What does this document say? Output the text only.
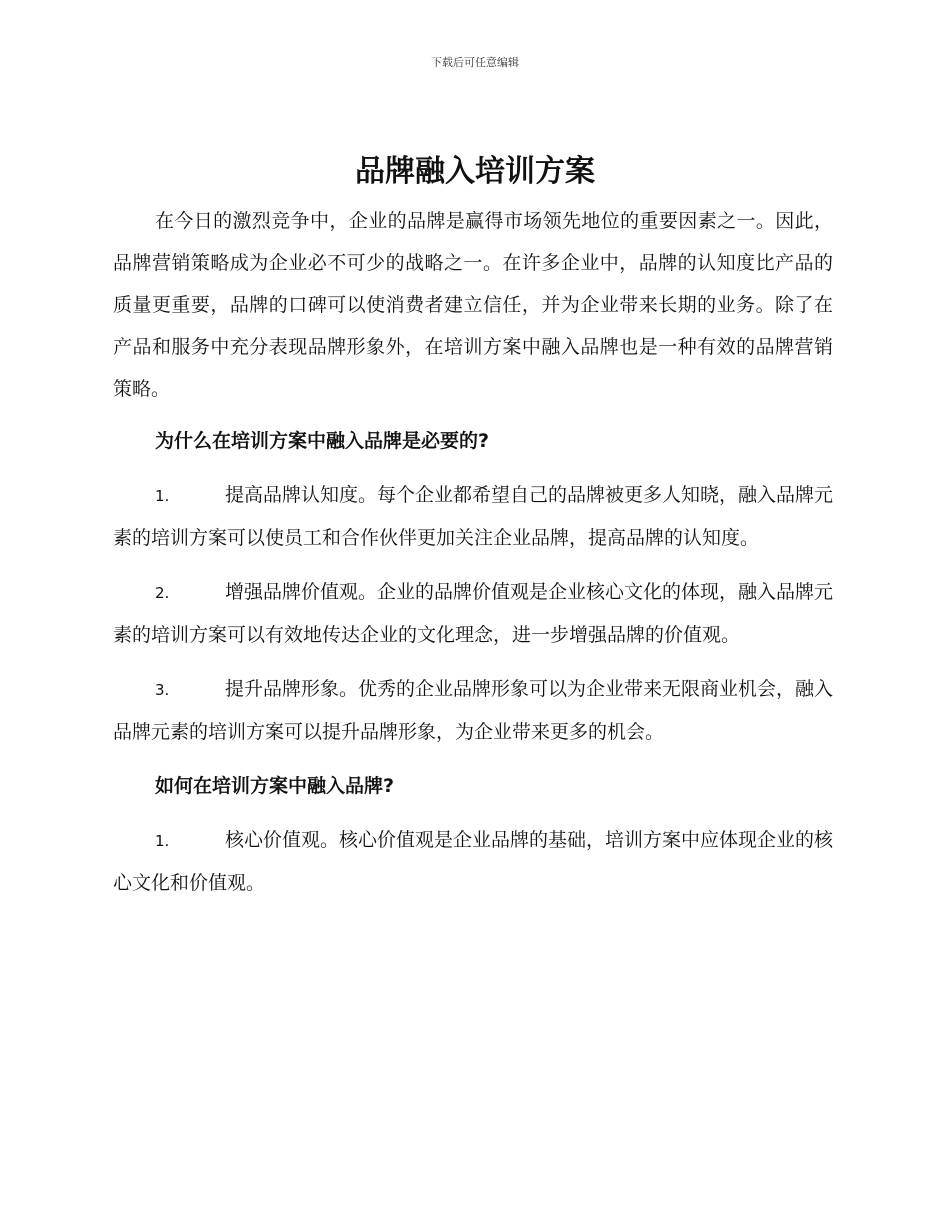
下载后可任意编辑
品牌融入培训方案

在今日的激烈竞争中，企业的品牌是赢得市场领先地位的重要因素之一。因此，品牌营销策略成为企业必不可少的战略之一。在许多企业中，品牌的认知度比产品的质量更重要，品牌的口碑可以使消费者建立信任，并为企业带来长期的业务。除了在产品和服务中充分表现品牌形象外，在培训方案中融入品牌也是一种有效的品牌营销策略。

为什么在培训方案中融入品牌是必要的?

1.	提高品牌认知度。每个企业都希望自己的品牌被更多人知晓，融入品牌元素的培训方案可以使员工和合作伙伴更加关注企业品牌，提高品牌的认知度。

2.	增强品牌价值观。企业的品牌价值观是企业核心文化的体现，融入品牌元素的培训方案可以有效地传达企业的文化理念，进一步增强品牌的价值观。

3.	提升品牌形象。优秀的企业品牌形象可以为企业带来无限商业机会，融入品牌元素的培训方案可以提升品牌形象，为企业带来更多的机会。

如何在培训方案中融入品牌?

1.	核心价值观。核心价值观是企业品牌的基础，培训方案中应体现企业的核心文化和价值观。
